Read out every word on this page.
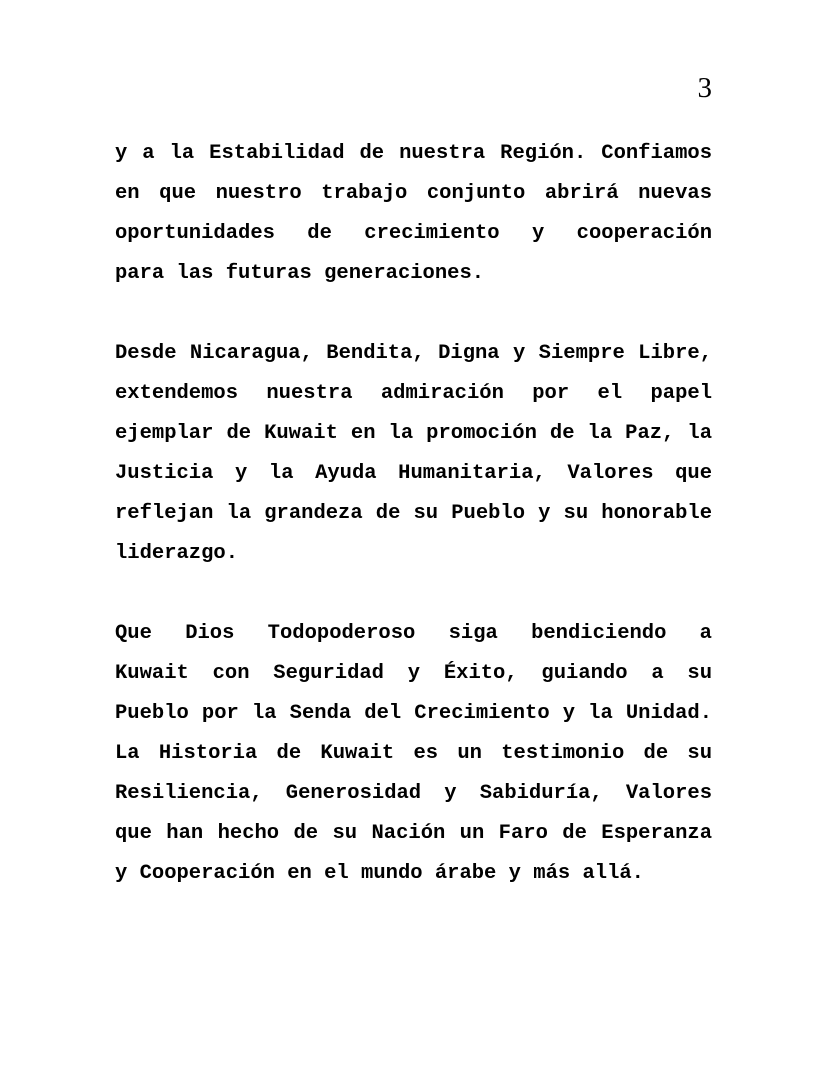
3
y a la Estabilidad de nuestra Región. Confiamos
en que nuestro trabajo conjunto abrirá nuevas
oportunidades de crecimiento y cooperación
para las futuras generaciones.
Desde Nicaragua, Bendita, Digna y Siempre Libre,
extendemos nuestra admiración por el papel
ejemplar de Kuwait en la promoción de la Paz, la
Justicia y la Ayuda Humanitaria, Valores que
reflejan la grandeza de su Pueblo y su honorable
liderazgo.
Que Dios Todopoderoso siga bendiciendo a
Kuwait con Seguridad y Éxito, guiando a su
Pueblo por la Senda del Crecimiento y la Unidad.
La Historia de Kuwait es un testimonio de su
Resiliencia, Generosidad y Sabiduría, Valores
que han hecho de su Nación un Faro de Esperanza
y Cooperación en el mundo árabe y más allá.
